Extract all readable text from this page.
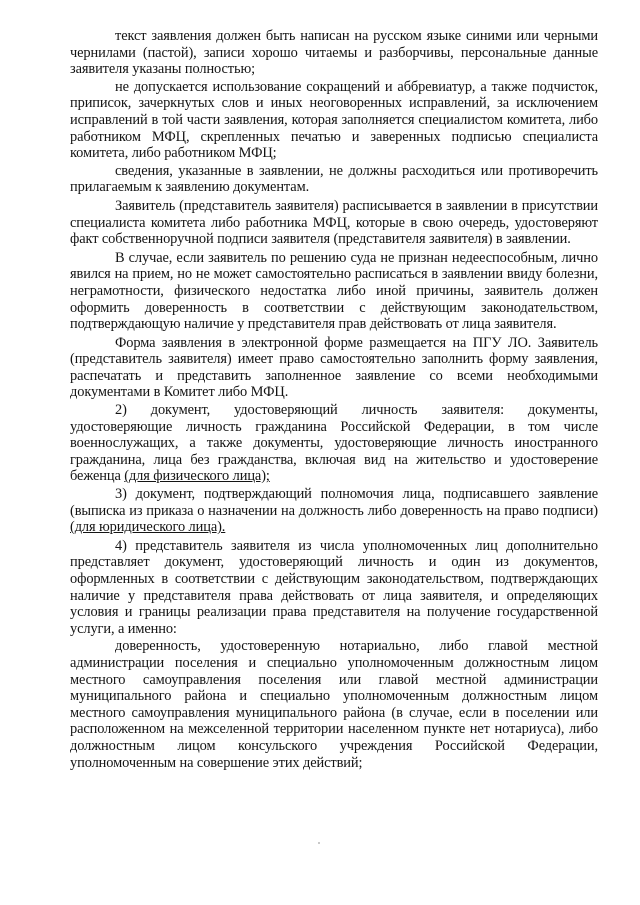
текст заявления должен быть написан на русском языке синими или черными чернилами (пастой), записи хорошо читаемы и разборчивы, персональные данные заявителя указаны полностью;

не допускается использование сокращений и аббревиатур, а также подчисток, приписок, зачеркнутых слов и иных неоговоренных исправлений, за исключением исправлений в той части заявления, которая заполняется специалистом комитета, либо работником МФЦ, скрепленных печатью и заверенных подписью специалиста комитета, либо работником МФЦ;

сведения, указанные в заявлении, не должны расходиться или противоречить прилагаемым к заявлению документам.

Заявитель (представитель заявителя) расписывается в заявлении в присутствии специалиста комитета либо работника МФЦ, которые в свою очередь, удостоверяют факт собственноручной подписи заявителя (представителя заявителя) в заявлении.

В случае, если заявитель по решению суда не признан недееспособным, лично явился на прием, но не может самостоятельно расписаться в заявлении ввиду болезни, неграмотности, физического недостатка либо иной причины, заявитель должен оформить доверенность в соответствии с действующим законодательством, подтверждающую наличие у представителя прав действовать от лица заявителя.

Форма заявления в электронной форме размещается на ПГУ ЛО. Заявитель (представитель заявителя) имеет право самостоятельно заполнить форму заявления, распечатать и представить заполненное заявление со всеми необходимыми документами в Комитет либо МФЦ.

2) документ, удостоверяющий личность заявителя: документы, удостоверяющие личность гражданина Российской Федерации, в том числе военнослужащих, а также документы, удостоверяющие личность иностранного гражданина, лица без гражданства, включая вид на жительство и удостоверение беженца (для физического лица);

3) документ, подтверждающий полномочия лица, подписавшего заявление (выписка из приказа о назначении на должность либо доверенность на право подписи) (для юридического лица).

4) представитель заявителя из числа уполномоченных лиц дополнительно представляет документ, удостоверяющий личность и один из документов, оформленных в соответствии с действующим законодательством, подтверждающих наличие у представителя права действовать от лица заявителя, и определяющих условия и границы реализации права представителя на получение государственной услуги, а именно:

доверенность, удостоверенную нотариально, либо главой местной администрации поселения и специально уполномоченным должностным лицом местного самоуправления поселения или главой местной администрации муниципального района и специально уполномоченным должностным лицом местного самоуправления муниципального района (в случае, если в поселении или расположенном на межселенной территории населенном пункте нет нотариуса), либо должностным лицом консульского учреждения Российской Федерации, уполномоченным на совершение этих действий;
